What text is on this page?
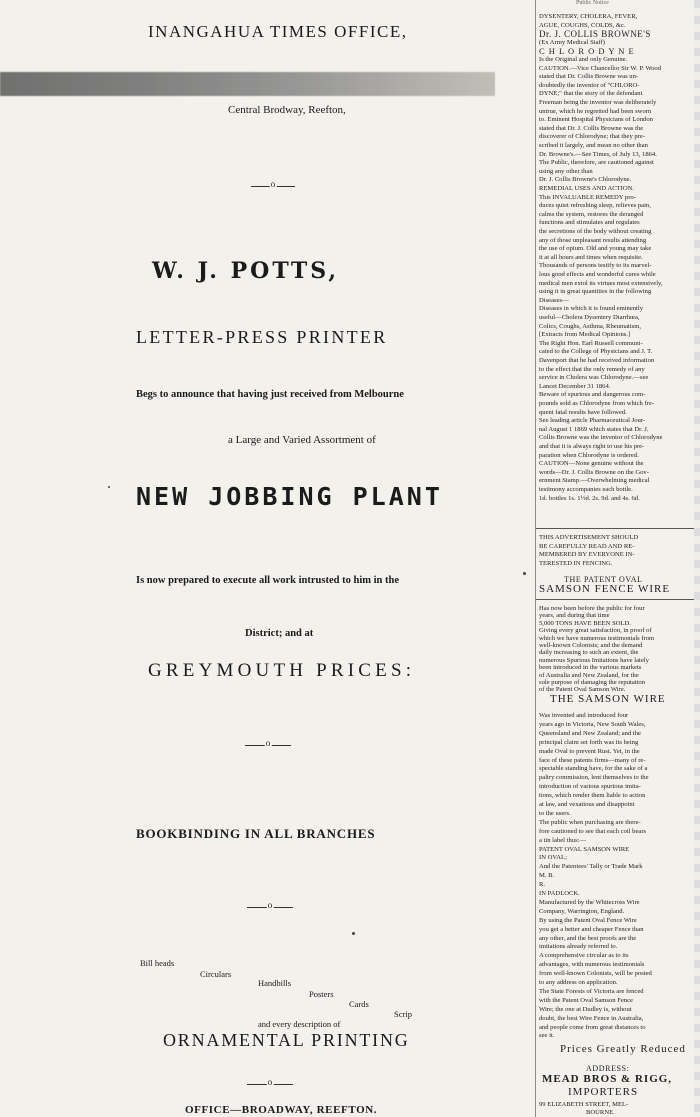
INANGAHUA TIMES OFFICE,
Central Brodway, Reefton,
o
W. J. POTTS,
LETTER-PRESS PRINTER
Begs to announce that having just received from Melbourne
a Large and Varied Assortment of
NEW JOBBING PLANT
Is now prepared to execute all work intrusted to him in the
District; and at
GREYMOUTH PRICES:
o
BOOKBINDING IN ALL BRANCHES
o
Bill heads
Circulars
Handbills
Posters
Cards
Scrip
and every description of
ORNAMENTAL PRINTING
o
OFFICE—BROADWAY, REEFTON.
Public Notice
DYSENTERY, CHOLERA, FEVER,
AGUE, COUGHS, COLDS, &c.
Dr. J. COLLIS BROWNE'S
(Ex Army Medical Staff)
C H L O R O D Y N E
Is the Original and only Genuine.
CAUTION.—Vice Chancellor Sir W. P. Wood
stated that Dr. Collis Browne was un-
doubtedly the inventor of "CHLORO-
DYNE;" that the story of the defendant
Freeman being the inventor was deliberately
untrue, which he regretted had been sworn
to. Eminent Hospital Physicians of London
stated that Dr. J. Collis Browne was the
discoverer of Chlorodyne; that they pre-
scribed it largely, and mean no other than
Dr. Browne's.—See Times, of July 13, 1864.
The Public, therefore, are cautioned against
using any other than
Dr. J. Collis Browne's Chlorodyne.
REMEDIAL USES AND ACTION.
This INVALUABLE REMEDY pro-
duces quiet refreshing sleep, relieves pain,
calms the system, restores the deranged
functions and stimulates and regulates
the secretions of the body without creating
any of those unpleasant results attending
the use of opium. Old and young may take
it at all hours and times when requisite.
Thousands of persons testify to its marvel-
lous good effects and wonderful cures while
medical men extol its virtues most extensively,
using it in great quantities in the following
Diseases—
Diseases in which it is found eminently
useful—Cholera Dysentery Diarrhœa,
Colics, Coughs, Asthma, Rheumatism,
[Extracts from Medical Opinions.]
The Right Hon. Earl Russell communi-
cated to the College of Physicians and J. T.
Davenport that he had received information
to the effect that the only remedy of any
service in Cholera was Chlorodyne.—see
Lancet December 31 1864.
Beware of spurious and dangerous com-
pounds sold as Chlorodyne from which fre-
quent fatal results have followed.
See leading article Pharmaceutical Jour-
nal August 1 1869 which states that Dr. J.
Collis Browne was the inventor of Chlorodyne
and that it is always right to use his pre-
paration when Chlorodyne is ordered.
CAUTION—None genuine without the
words—Dr. J. Collis Browne on the Gov-
ernment Stamp.—Overwhelming medical
testimony accompanies each bottle.
1d. bottles 1s. 1½d. 2s. 9d. and 4s. 6d.
THIS ADVERTISEMENT SHOULD
BE CAREFULLY READ AND RE-
MEMBERED BY EVERYONE IN-
TERESTED IN FENCING.
THE PATENT OVAL
SAMSON FENCE WIRE
Has now been before the public for four
years, and during that time
5,000 TONS HAVE BEEN SOLD.
Giving every great satisfaction, in proof of
which we have numerous testimonials from
well-known Colonists; and the demand
daily increasing to such an extent, the
numerous Spurious Imitations have lately
been introduced in the various markets
of Australia and New Zealand, for the
sole purpose of damaging the reputation
of the Patent Oval Samson Wire.
THE SAMSON WIRE
Was invented and introduced four
years ago in Victoria, New South Wales,
Queensland and New Zealand; and the
principal claim set forth was its being
made Oval to prevent Rust. Yet, in the
face of these patents firms—many of re-
spectable standing have, for the sake of a
paltry commission, lent themselves to the
introduction of various spurious imita-
tions, which render them liable to action
at law, and vexatious and disappoint
to the users.
The public when purchasing are there-
fore cautioned to see that each coil bears
a tin label thus:—
PATENT OVAL SAMSON WIRE
IN OVAL;
And the Patentees' Tally or Trade Mark
M. B.
R.
IN PADLOCK.
Manufactured by the Whitecross Wire
Company, Warrington, England.
By using the Patent Oval Fence Wire
you get a better and cheaper Fence than
any other, and the best proofs are the
imitations already referred to.
A comprehensive circular as to its
advantages, with numerous testimonials
from well-known Colonists, will be posted
to any address on application.
The State Forests of Victoria are fenced
with the Patent Oval Samson Fence
Wire; the one at Dudley is, without
doubt, the best Wire Fence in Australia,
and people come from great distances to
see it.
Prices Greatly Reduced
ADDRESS:
MEAD BROS & RIGG,
IMPORTERS
99 ELIZABETH STREET, MEL-
BOURNE.
